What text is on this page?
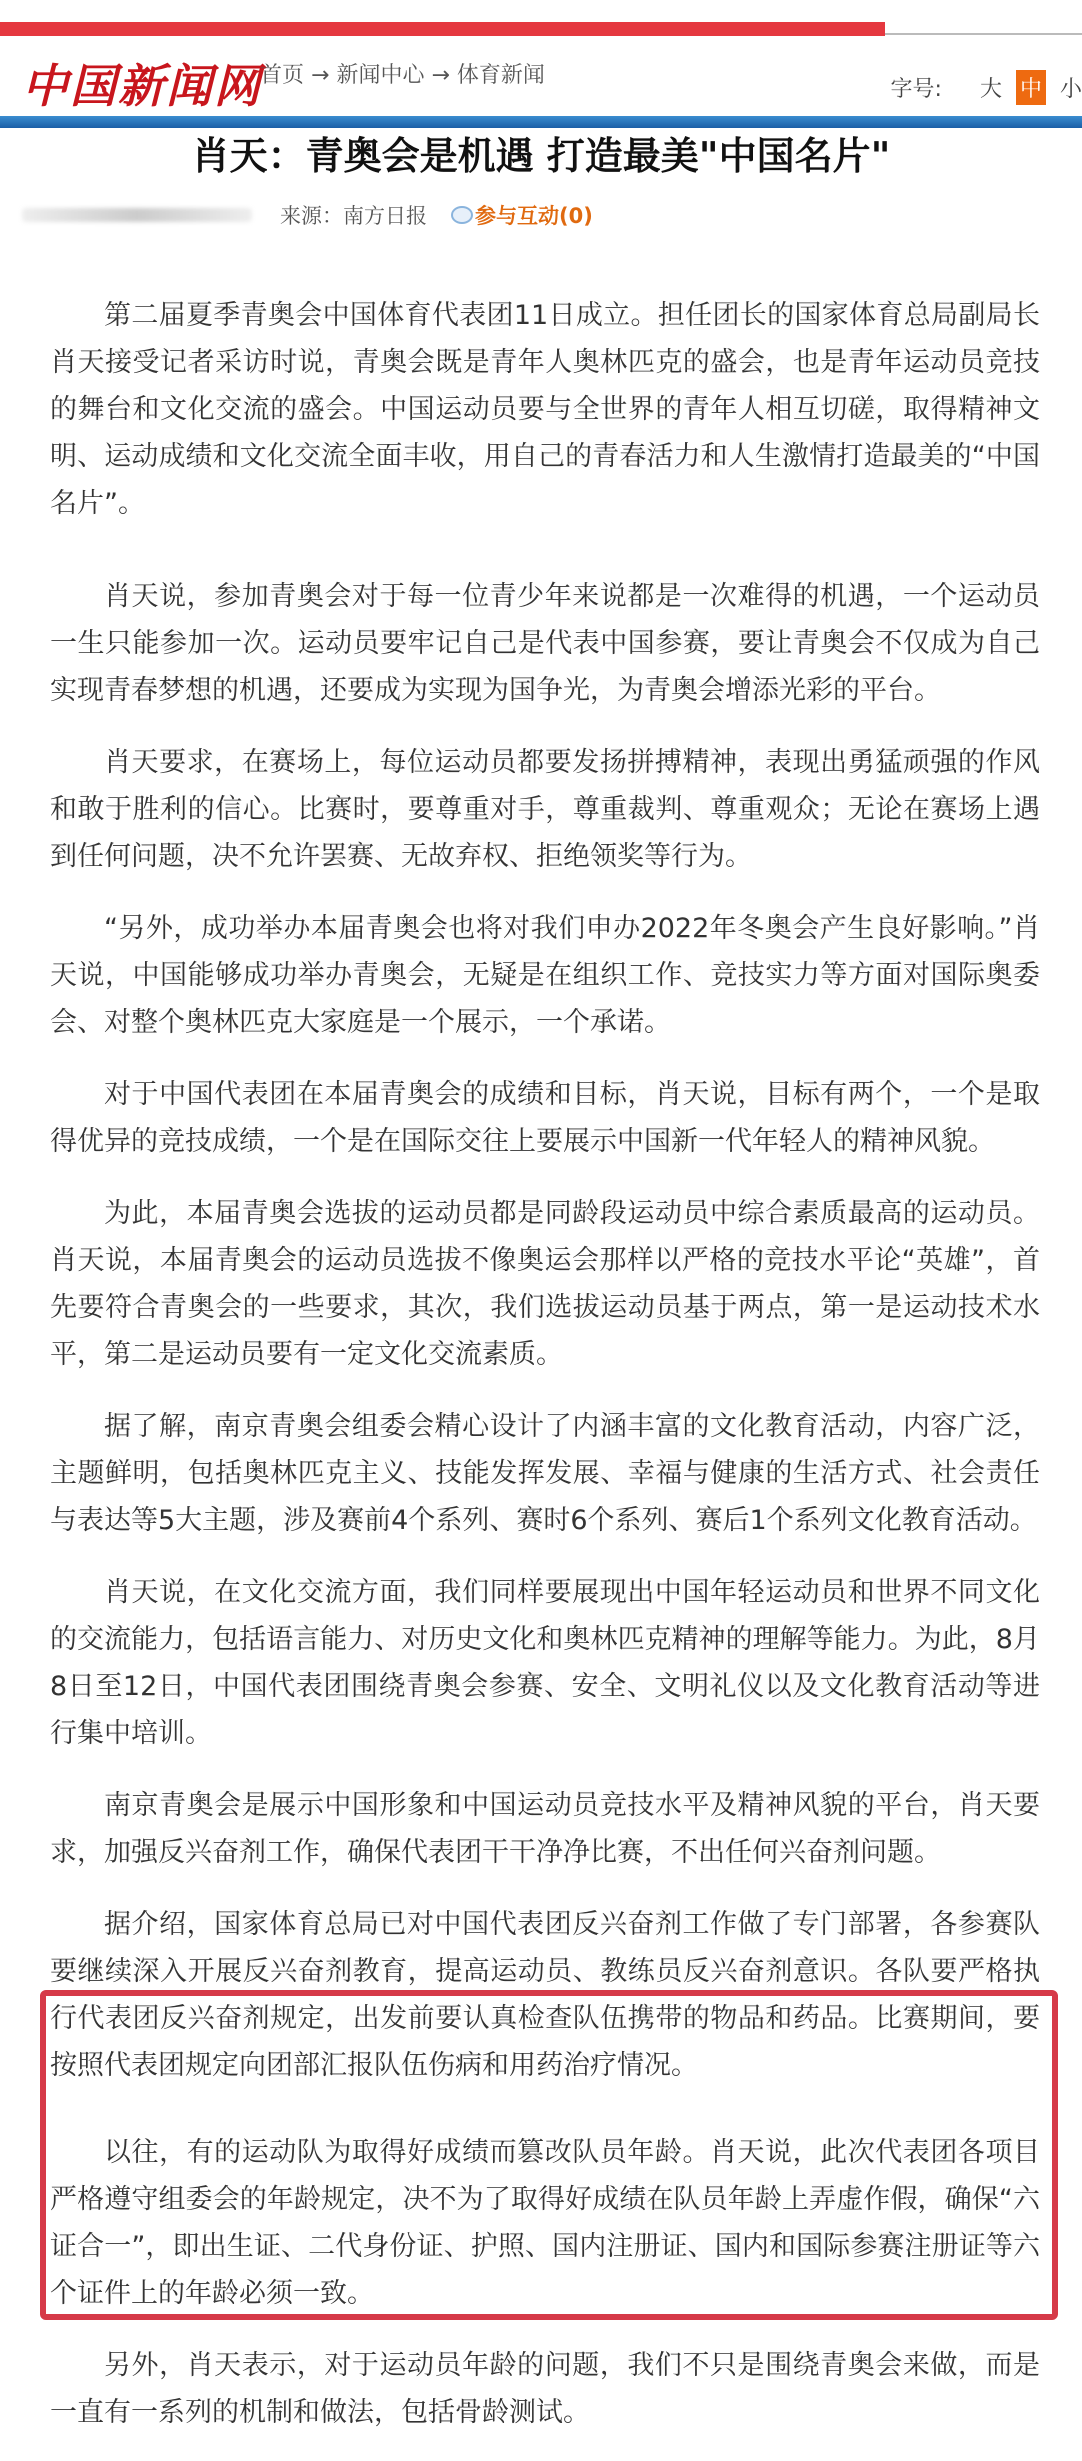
中国新闻网
首页 → 新闻中心 → 体育新闻
字号: 大 中 小
肖天：青奥会是机遇 打造最美"中国名片"
来源：南方日报 参与互动(0)

第二届夏季青奥会中国体育代表团11日成立。担任团长的国家体育总局副局长肖天接受记者采访时说，青奥会既是青年人奥林匹克的盛会，也是青年运动员竞技的舞台和文化交流的盛会。中国运动员要与全世界的青年人相互切磋，取得精神文明、运动成绩和文化交流全面丰收，用自己的青春活力和人生激情打造最美的“中国名片”。

肖天说，参加青奥会对于每一位青少年来说都是一次难得的机遇，一个运动员一生只能参加一次。运动员要牢记自己是代表中国参赛，要让青奥会不仅成为自己实现青春梦想的机遇，还要成为实现为国争光，为青奥会增添光彩的平台。

肖天要求，在赛场上，每位运动员都要发扬拼搏精神，表现出勇猛顽强的作风和敢于胜利的信心。比赛时，要尊重对手，尊重裁判、尊重观众；无论在赛场上遇到任何问题，决不允许罢赛、无故弃权、拒绝领奖等行为。

“另外，成功举办本届青奥会也将对我们申办2022年冬奥会产生良好影响。”肖天说，中国能够成功举办青奥会，无疑是在组织工作、竞技实力等方面对国际奥委会、对整个奥林匹克大家庭是一个展示，一个承诺。

对于中国代表团在本届青奥会的成绩和目标，肖天说，目标有两个，一个是取得优异的竞技成绩，一个是在国际交往上要展示中国新一代年轻人的精神风貌。

为此，本届青奥会选拔的运动员都是同龄段运动员中综合素质最高的运动员。肖天说，本届青奥会的运动员选拔不像奥运会那样以严格的竞技水平论“英雄”，首先要符合青奥会的一些要求，其次，我们选拔运动员基于两点，第一是运动技术水平，第二是运动员要有一定文化交流素质。

据了解，南京青奥会组委会精心设计了内涵丰富的文化教育活动，内容广泛，主题鲜明，包括奥林匹克主义、技能发挥发展、幸福与健康的生活方式、社会责任与表达等5大主题，涉及赛前4个系列、赛时6个系列、赛后1个系列文化教育活动。

肖天说，在文化交流方面，我们同样要展现出中国年轻运动员和世界不同文化的交流能力，包括语言能力、对历史文化和奥林匹克精神的理解等能力。为此，8月8日至12日，中国代表团围绕青奥会参赛、安全、文明礼仪以及文化教育活动等进行集中培训。

南京青奥会是展示中国形象和中国运动员竞技水平及精神风貌的平台，肖天要求，加强反兴奋剂工作，确保代表团干干净净比赛，不出任何兴奋剂问题。

据介绍，国家体育总局已对中国代表团反兴奋剂工作做了专门部署，各参赛队要继续深入开展反兴奋剂教育，提高运动员、教练员反兴奋剂意识。各队要严格执行代表团反兴奋剂规定，出发前要认真检查队伍携带的物品和药品。比赛期间，要按照代表团规定向团部汇报队伍伤病和用药治疗情况。

以往，有的运动队为取得好成绩而篡改队员年龄。肖天说，此次代表团各项目严格遵守组委会的年龄规定，决不为了取得好成绩在队员年龄上弄虚作假，确保“六证合一”，即出生证、二代身份证、护照、国内注册证、国内和国际参赛注册证等六个证件上的年龄必须一致。

另外，肖天表示，对于运动员年龄的问题，我们不只是围绕青奥会来做，而是一直有一系列的机制和做法，包括骨龄测试。
